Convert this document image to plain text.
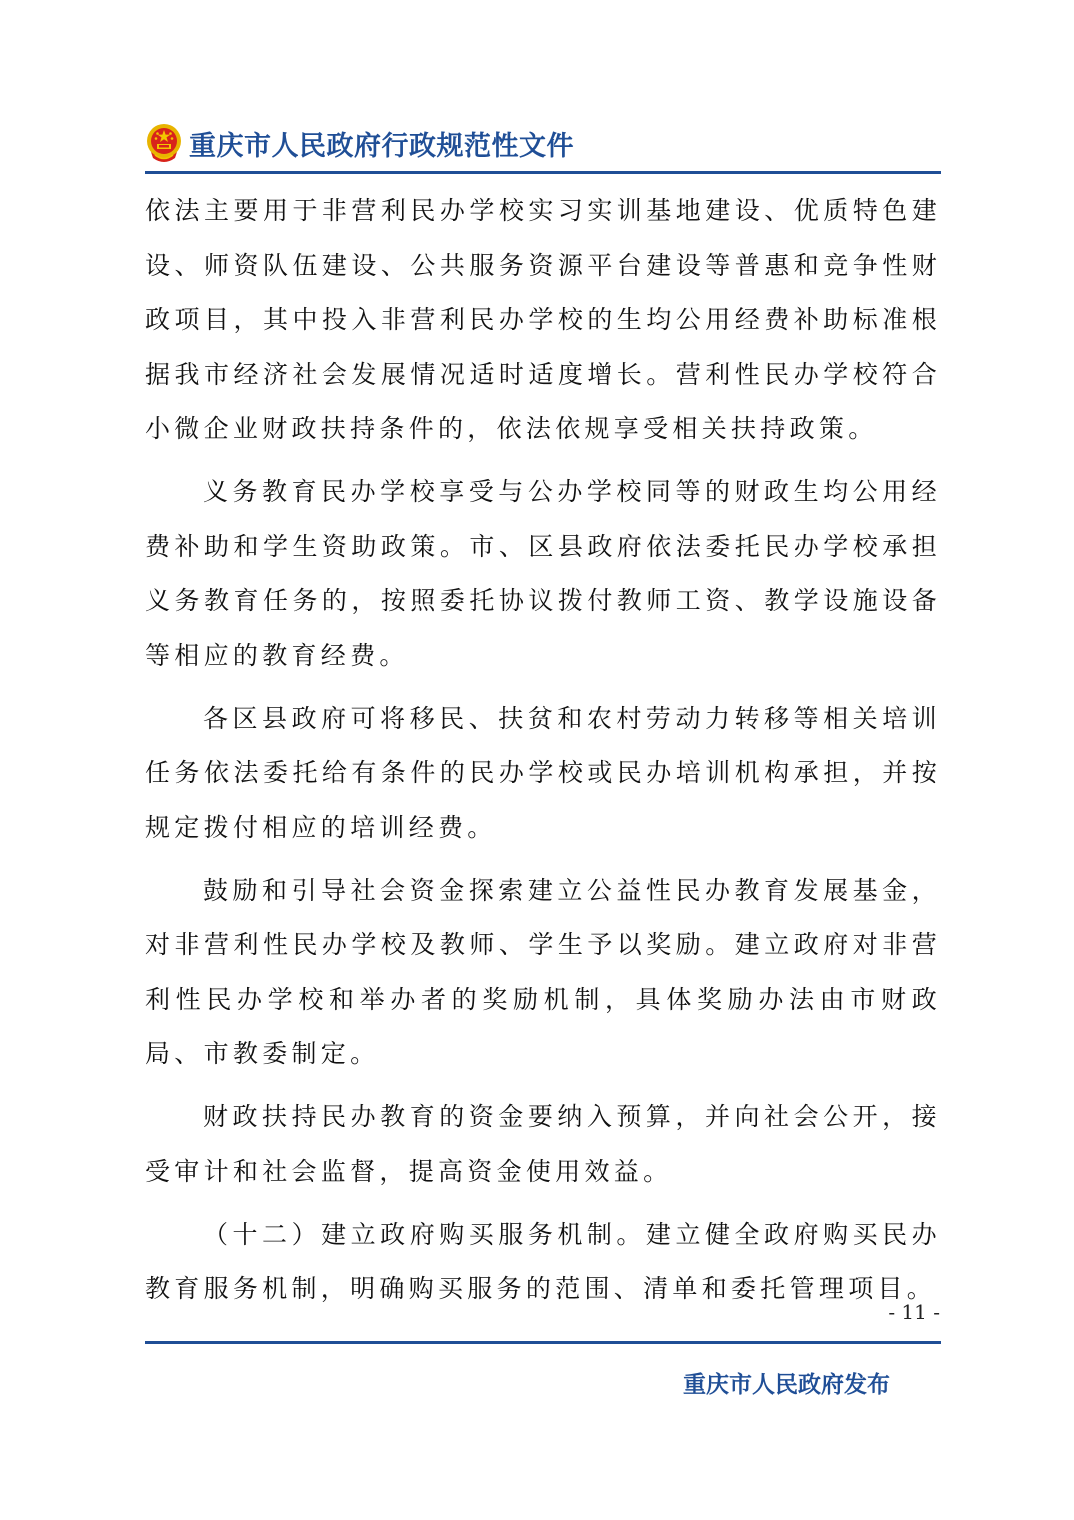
重庆市人民政府行政规范性文件

依法主要用于非营利民办学校实习实训基地建设、优质特色建设、师资队伍建设、公共服务资源平台建设等普惠和竞争性财政项目，其中投入非营利民办学校的生均公用经费补助标准根据我市经济社会发展情况适时适度增长。营利性民办学校符合小微企业财政扶持条件的，依法依规享受相关扶持政策。

义务教育民办学校享受与公办学校同等的财政生均公用经费补助和学生资助政策。市、区县政府依法委托民办学校承担义务教育任务的，按照委托协议拨付教师工资、教学设施设备等相应的教育经费。

各区县政府可将移民、扶贫和农村劳动力转移等相关培训任务依法委托给有条件的民办学校或民办培训机构承担，并按规定拨付相应的培训经费。

鼓励和引导社会资金探索建立公益性民办教育发展基金，对非营利性民办学校及教师、学生予以奖励。建立政府对非营利性民办学校和举办者的奖励机制，具体奖励办法由市财政局、市教委制定。

财政扶持民办教育的资金要纳入预算，并向社会公开，接受审计和社会监督，提高资金使用效益。

（十二）建立政府购买服务机制。建立健全政府购买民办教育服务机制，明确购买服务的范围、清单和委托管理项目。

- 11 -
重庆市人民政府发布
